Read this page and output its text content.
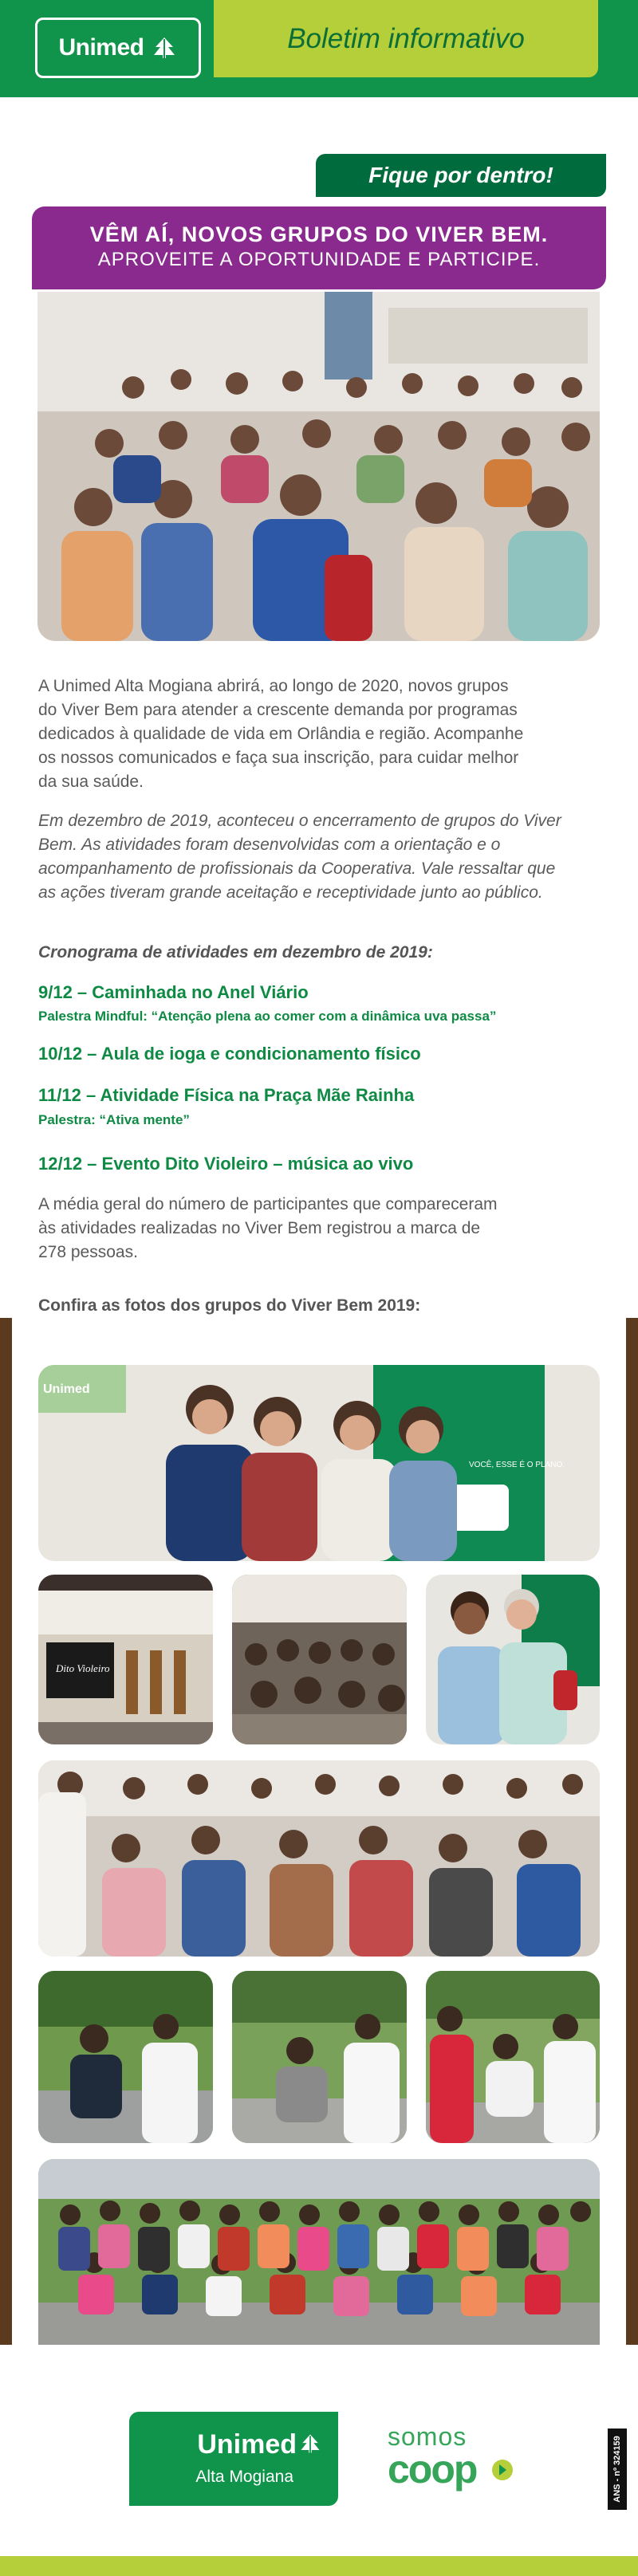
Unimed	Boletim informativo
Fique por dentro!
VÊM AÍ, NOVOS GRUPOS DO VIVER BEM.
APROVEITE A OPORTUNIDADE E PARTICIPE.
A Unimed Alta Mogiana abrirá, ao longo de 2020, novos grupos
do Viver Bem para atender a crescente demanda por programas
dedicados à qualidade de vida em Orlândia e região. Acompanhe
os nossos comunicados e faça sua inscrição, para cuidar melhor
da sua saúde.
Em dezembro de 2019, aconteceu o encerramento de grupos do Viver
Bem. As atividades foram desenvolvidas com a orientação e o
acompanhamento de profissionais da Cooperativa. Vale ressaltar que
as ações tiveram grande aceitação e receptividade junto ao público.
Cronograma de atividades em dezembro de 2019:
9/12 – Caminhada no Anel Viário
Palestra Mindful: “Atenção plena ao comer com a dinâmica uva passa”
10/12 – Aula de ioga e condicionamento físico
11/12 – Atividade Física na Praça Mãe Rainha
Palestra: “Ativa mente”
12/12 – Evento Dito Violeiro – música ao vivo
A média geral do número de participantes que compareceram
às atividades realizadas no Viver Bem registrou a marca de
278 pessoas.
Confira as fotos dos grupos do Viver Bem 2019:
Unimed
VOCÊ, ESSE É O PLANO.
Dito Violeiro
Unimed
Alta Mogiana
somos
coop	ANS - nº 324159
